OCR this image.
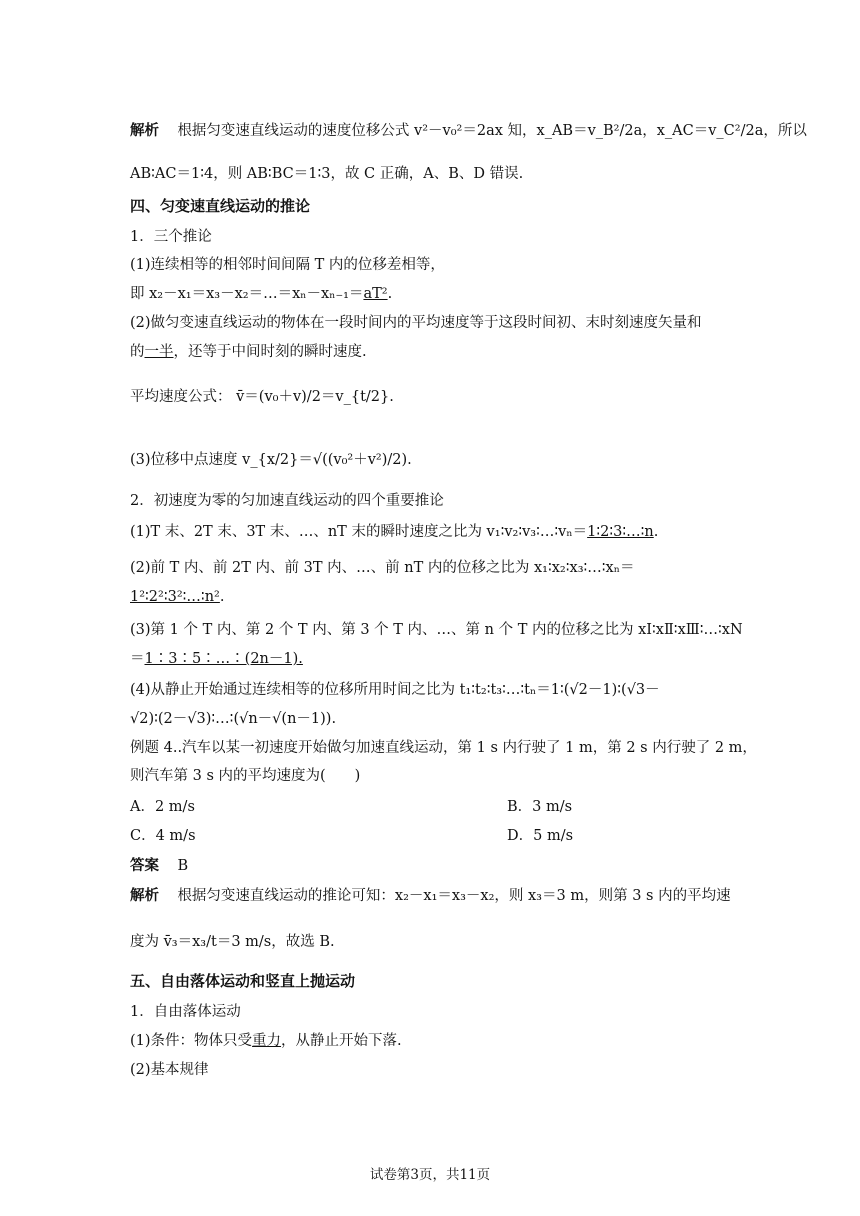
解析 根据匀变速直线运动的速度位移公式 v²－v₀²＝2ax 知，x_AB＝v_B²/2a，x_AC＝v_C²/2a，所以
AB∶AC＝1∶4，则 AB∶BC＝1∶3，故 C 正确，A、B、D 错误.
四、匀变速直线运动的推论
1．三个推论
(1)连续相等的相邻时间间隔 T 内的位移差相等，
即 x₂－x₁＝x₃－x₂＝…＝xₙ－xₙ₋₁＝aT².
(2)做匀变速直线运动的物体在一段时间内的平均速度等于这段时间初、末时刻速度矢量和
的一半，还等于中间时刻的瞬时速度.
平均速度公式： v̄＝(v₀＋v)/2＝v_{t/2}.
(3)位移中点速度 v_{x/2}＝√((v₀²＋v²)/2).
2．初速度为零的匀加速直线运动的四个重要推论
(1)T 末、2T 末、3T 末、…、nT 末的瞬时速度之比为 v₁∶v₂∶v₃∶…∶vₙ＝1∶2∶3∶…∶n.
(2)前 T 内、前 2T 内、前 3T 内、…、前 nT 内的位移之比为 x₁∶x₂∶x₃∶…∶xₙ＝
1²∶2²∶3²∶…∶n².
(3)第 1 个 T 内、第 2 个 T 内、第 3 个 T 内、…、第 n 个 T 内的位移之比为 xⅠ∶xⅡ∶xⅢ∶…∶xN
＝1∶3∶5∶…∶(2n－1).
(4)从静止开始通过连续相等的位移所用时间之比为 t₁∶t₂∶t₃∶…∶tₙ＝1∶(√2－1)∶(√3－
√2)∶(2－√3)∶…∶(√n－√(n－1)).
例题 4..汽车以某一初速度开始做匀加速直线运动，第 1 s 内行驶了 1 m，第 2 s 内行驶了 2 m，
则汽车第 3 s 内的平均速度为(　　)
A．2 m/s	B．3 m/s
C．4 m/s	D．5 m/s
答案 B
解析 根据匀变速直线运动的推论可知：x₂－x₁＝x₃－x₂，则 x₃＝3 m，则第 3 s 内的平均速
度为 v̄₃＝x₃/t＝3 m/s，故选 B.
五、自由落体运动和竖直上抛运动
1．自由落体运动
(1)条件：物体只受重力，从静止开始下落.
(2)基本规律
试卷第3页，共11页
